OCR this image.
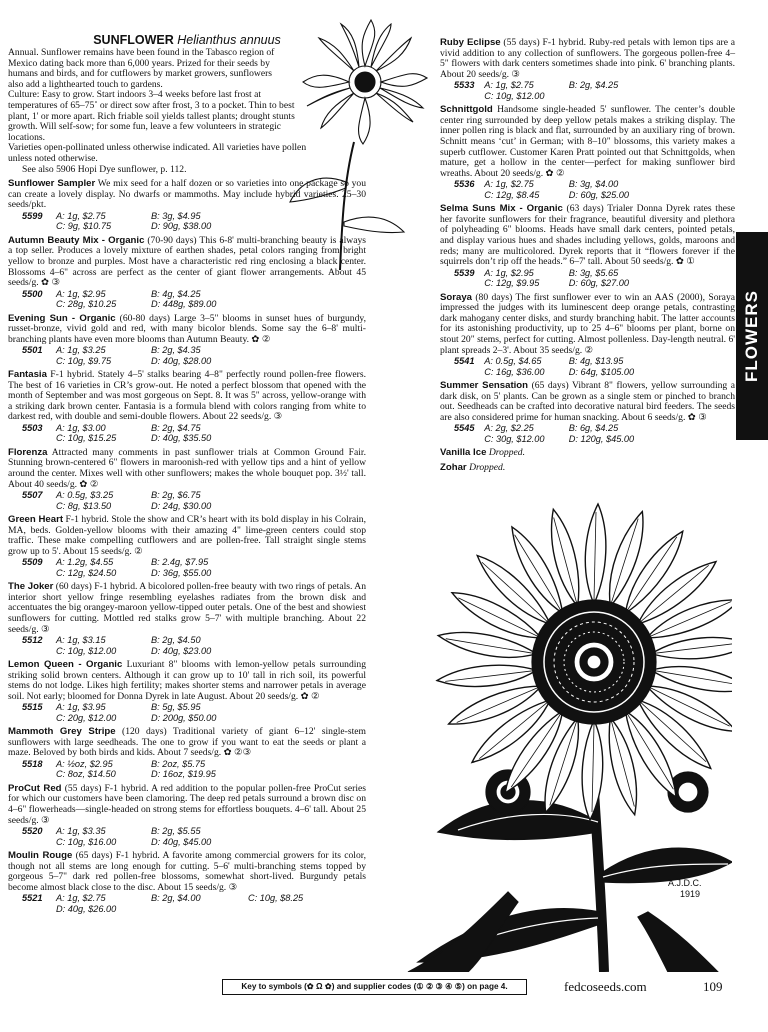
SUNFLOWER Helianthus annuus

Annual. Sunflower remains have been found in the Tabasco region of Mexico dating back more than 6,000 years. Prized for their seeds by humans and birds, and for cutflowers by market growers, sunflowers also add a lighthearted touch to gardens.

Culture: Easy to grow. Start indoors 3–4 weeks before last frost at temperatures of 65–75˚ or direct sow after frost, 3 to a pocket. Thin to best plant, 1' or more apart. Rich friable soil yields tallest plants; drought stunts growth. Will self-sow; for some fun, leave a few volunteers in strategic locations.

Varieties open-pollinated unless otherwise indicated. All varieties have pollen unless noted otherwise.

See also 5906 Hopi Dye sunflower, p. 112.

Sunflower Sampler We mix seed for a half dozen or so varieties into one package so you can create a lovely display. No dwarfs or mammoths. May include hybrid varieties. 25–30 seeds/pkt.

5599	A: 1g, $2.75	B: 3g, $4.95
C: 9g, $10.75	D: 90g, $38.00

Autumn Beauty Mix - Organic (70-90 days) This 6-8' multi-branching beauty is always a top seller. Produces a lovely mixture of earthen shades, petal colors ranging from bright yellow to bronze and purples. Most have a characteristic red ring enclosing a black center. Blossoms 4–6" across are perfect as the center of giant flower arrangements. About 45 seeds/g. ✿ ③

5500	A: 1g, $2.95	B: 4g, $4.25
C: 28g, $10.25	D: 448g, $89.00

Evening Sun - Organic (60-80 days) Large 3–5" blooms in sunset hues of burgundy, russet-bronze, vivid gold and red, with many bicolor blends. Some say the 6–8' multi-branching plants have even more blooms than Autumn Beauty. ✿ ②

5501	A: 1g, $3.25	B: 2g, $4.35
C: 10g, $9.75	D: 40g, $28.00

Fantasia F-1 hybrid. Stately 4–5' stalks bearing 4–8" perfectly round pollen-free flowers. The best of 16 varieties in CR’s grow-out. He noted a perfect blossom that opened with the month of September and was most gorgeous on Sept. 8. It was 5" across, yellow-orange with a striking dark brown center. Fantasia is a formula blend with colors ranging from white to darkest red, with double and semi-double flowers. About 22 seeds/g. ③

5503	A: 1g, $3.00	B: 2g, $4.75
C: 10g, $15.25	D: 40g, $35.50

Florenza Attracted many comments in past sunflower trials at Common Ground Fair. Stunning brown-centered 6" flowers in maroonish-red with yellow tips and a hint of yellow around the center. Mixes well with other sunflowers; makes the whole bouquet pop. 3½' tall. About 40 seeds/g. ✿ ②

5507	A: 0.5g, $3.25	B: 2g, $6.75
C: 8g, $13.50	D: 24g, $30.00

Green Heart F-1 hybrid. Stole the show and CR’s heart with its bold display in his Colrain, MA, beds. Golden-yellow blooms with their amazing 4" lime-green centers could stop traffic. These make compelling cutflowers and are pollen-free. Tall straight single stems grow up to 5'. About 15 seeds/g. ②

5509	A: 1.2g, $4.55	B: 2.4g, $7.95
C: 12g, $24.50	D: 36g, $55.00

The Joker (60 days) F-1 hybrid. A bicolored pollen-free beauty with two rings of petals. An interior short yellow fringe resembling eyelashes radiates from the brown disk and accentuates the big orangey-maroon yellow-tipped outer petals. One of the best and showiest sunflowers for cutting. Mottled red stalks grow 5–7' with multiple branching. About 22 seeds/g. ③

5512	A: 1g, $3.15	B: 2g, $4.50
C: 10g, $12.00	D: 40g, $23.00

Lemon Queen - Organic Luxuriant 8" blooms with lemon-yellow petals surrounding striking solid brown centers. Although it can grow up to 10' tall in rich soil, its powerful stems do not lodge. Likes high fertility; makes shorter stems and narrower petals in average soil. Not early; bloomed for Donna Dyrek in late August. About 20 seeds/g. ✿ ②

5515	A: 1g, $3.95	B: 5g, $5.95
C: 20g, $12.00	D: 200g, $50.00

Mammoth Grey Stripe (120 days) Traditional variety of giant 6–12' single-stem sunflowers with large seedheads. The one to grow if you want to eat the seeds or plant a maze. Beloved by both birds and kids. About 7 seeds/g. ✿ ②③

5518	A: ½oz, $2.95	B: 2oz, $5.75
C: 8oz, $14.50	D: 16oz, $19.95

ProCut Red (55 days) F-1 hybrid. A red addition to the popular pollen-free ProCut series for which our customers have been clamoring. The deep red petals surround a brown disc on 4–6" flowerheads—single-headed on strong stems for effortless bouquets. 4–6' tall. About 25 seeds/g. ③

5520	A: 1g, $3.35	B: 2g, $5.55
C: 10g, $16.00	D: 40g, $45.00

Moulin Rouge (65 days) F-1 hybrid. A favorite among commercial growers for its color, though not all stems are long enough for cutting. 5–6' multi-branching stems topped by gorgeous 5–7" dark red pollen-free blossoms, somewhat short-lived. Burgundy petals become almost black close to the disc. About 15 seeds/g. ③

5521	A: 1g, $2.75	B: 2g, $4.00	C: 10g, $8.25
D: 40g, $26.00

Ruby Eclipse (55 days) F-1 hybrid. Ruby-red petals with lemon tips are a vivid addition to any collection of sunflowers. The gorgeous pollen-free 4–5" flowers with dark centers sometimes shade into pink. 6' branching plants. About 20 seeds/g. ③

5533	A: 1g, $2.75	B: 2g, $4.25
C: 10g, $12.00

Schnittgold Handsome single-headed 5' sunflower. The center’s double center ring surrounded by deep yellow petals makes a striking display. The inner pollen ring is black and flat, surrounded by an auxiliary ring of brown. Schnitt means ‘cut’ in German; with 8–10" blossoms, this variety makes a superb cutflower. Customer Karen Pratt pointed out that Schnittgolds, when mature, get a hollow in the center—perfect for making sunflower bird wreaths. About 20 seeds/g. ✿ ②

5536	A: 1g, $2.75	B: 3g, $4.00
C: 12g, $8.45	D: 60g, $25.00

Selma Suns Mix - Organic (63 days) Trialer Donna Dyrek rates these her favorite sunflowers for their fragrance, beautiful diversity and plethora of polyheading 6" blooms. Heads have small dark centers, pointed petals, and display various hues and shades including yellows, golds, maroons and reds; many are multicolored. Dyrek reports that it “flowers forever if the squirrels don’t rip off the heads.” 6–7' tall. About 50 seeds/g. ✿ ①

5539	A: 1g, $2.95	B: 3g, $5.65
C: 12g, $9.95	D: 60g, $27.00

Soraya (80 days) The first sunflower ever to win an AAS (2000), Soraya impressed the judges with its luminescent deep orange petals, contrasting dark mahogany center disks, and sturdy branching habit. The latter accounts for its astonishing productivity, up to 25 4–6" blooms per plant, borne on stout 20" stems, perfect for cutting. Almost pollenless. Day-length neutral. 6' plant spreads 2–3'. About 35 seeds/g. ②

5541	A: 0.5g, $4.65	B: 4g, $13.95
C: 16g, $36.00	D: 64g, $105.00

Summer Sensation (65 days) Vibrant 8" flowers, yellow surrounding a dark disk, on 5' plants. Can be grown as a single stem or pinched to branch out. Seedheads can be crafted into decorative natural bird feeders. The seeds are also considered prime for human snacking. About 6 seeds/g. ✿ ③

5545	A: 2g, $2.25	B: 6g, $4.25
C: 30g, $12.00	D: 120g, $45.00

Vanilla Ice Dropped.

Zohar Dropped.

FLOWERS
A.J.D.C.
1919
Key to symbols (✿ Ω ✿) and supplier codes (① ② ③ ④ ⑤) on page 4.	fedcoseeds.com	109
